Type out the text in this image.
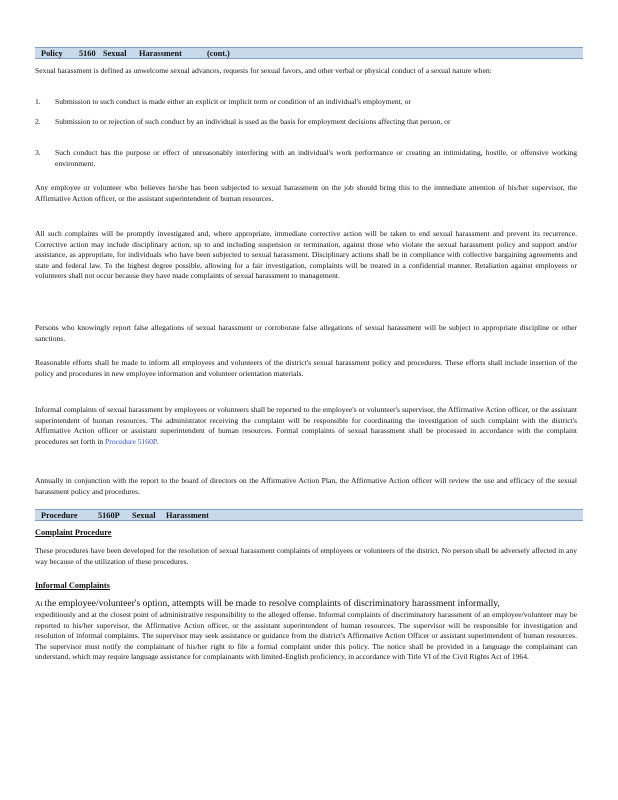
Policy 5160 Sexual Harassment	(cont.)

Sexual harassment is defined as unwelcome sexual advances, requests for sexual favors, and other verbal or physical conduct of a sexual nature when:

1. Submission to such conduct is made either an explicit or implicit term or condition of an individual's employment, or
2. Submission to or rejection of such conduct by an individual is used as the basis for employment decisions affecting that person, or
3. Such conduct has the purpose or effect of unreasonably interfering with an individual's work performance or creating an intimidating, hostile, or offensive working environment.

Any employee or volunteer who believes he/she has been subjected to sexual harassment on the job should bring this to the immediate attention of his/her supervisor, the Affirmative Action officer, or the assistant superintendent of human resources.

All such complaints will be promptly investigated and, where appropriate, immediate corrective action will be taken to end sexual harassment and prevent its recurrence. Corrective action may include disciplinary action, up to and including suspension or termination, against those who violate the sexual harassment policy and support and/or assistance, as appropriate, for individuals who have been subjected to sexual harassment. Disciplinary actions shall be in compliance with collective bargaining agreements and state and federal law. To the highest degree possible, allowing for a fair investigation, complaints will be treated in a confidential manner. Retaliation against employees or volunteers shall not occur because they have made complaints of sexual harassment to management.

Persons who knowingly report false allegations of sexual harassment or corroborate false allegations of sexual harassment will be subject to appropriate discipline or other sanctions.

Reasonable efforts shall be made to inform all employees and volunteers of the district's sexual harassment policy and procedures. These efforts shall include insertion of the policy and procedures in new employee information and volunteer orientation materials.

Informal complaints of sexual harassment by employees or volunteers shall be reported to the employee's or volunteer's supervisor, the Affirmative Action officer, or the assistant superintendent of human resources. The administrator receiving the complaint will be responsible for coordinating the investigation of such complaint with the district's Affirmative Action officer or assistant superintendent of human resources. Formal complaints of sexual harassment shall be processed in accordance with the complaint procedures set forth in Procedure 5160P.

Annually in conjunction with the report to the board of directors on the Affirmative Action Plan, the Affirmative Action officer will review the use and efficacy of the sexual harassment policy and procedures.

Procedure 5160P Sexual Harassment
Complaint Procedure

These procedures have been developed for the resolution of sexual harassment complaints of employees or volunteers of the district. No person shall be adversely affected in any way because of the utilization of these procedures.

Informal Complaints

At the employee/volunteer's option, attempts will be made to resolve complaints of discriminatory harassment informally,

expeditiously and at the closest point of administrative responsibility to the alleged offense. Informal complaints of discriminatory harassment of an employee/volunteer may be reported to his/her supervisor, the Affirmative Action officer, or the assistant superintendent of human resources. The supervisor will be responsible for investigation and resolution of informal complaints. The supervisor may seek assistance or guidance from the district's Affirmative Action Officer or assistant superintendent of human resources. The supervisor must notify the complainant of his/her right to file a formal complaint under this policy. The notice shall be provided in a language the complainant can understand, which may require language assistance for complainants with limited-English proficiency, in accordance with Title VI of the Civil Rights Act of 1964.
